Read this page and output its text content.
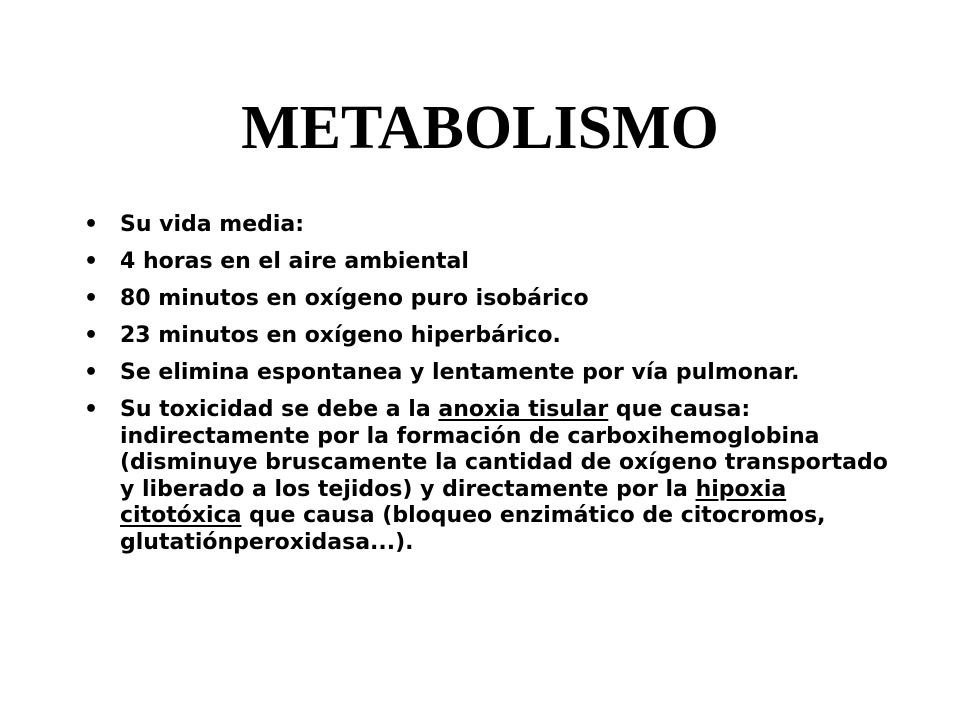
METABOLISMO
• Su vida media:
• 4 horas en el aire ambiental
• 80 minutos en oxígeno puro isobárico
• 23 minutos en oxígeno hiperbárico.
• Se elimina espontanea y lentamente por vía pulmonar.
• Su toxicidad se debe a la anoxia tisular que causa: indirectamente por la formación de carboxihemoglobina (disminuye bruscamente la cantidad de oxígeno transportado y liberado a los tejidos) y directamente por la hipoxia citotóxica que causa (bloqueo enzimático de citocromos, glutatiónperoxidasa...).
